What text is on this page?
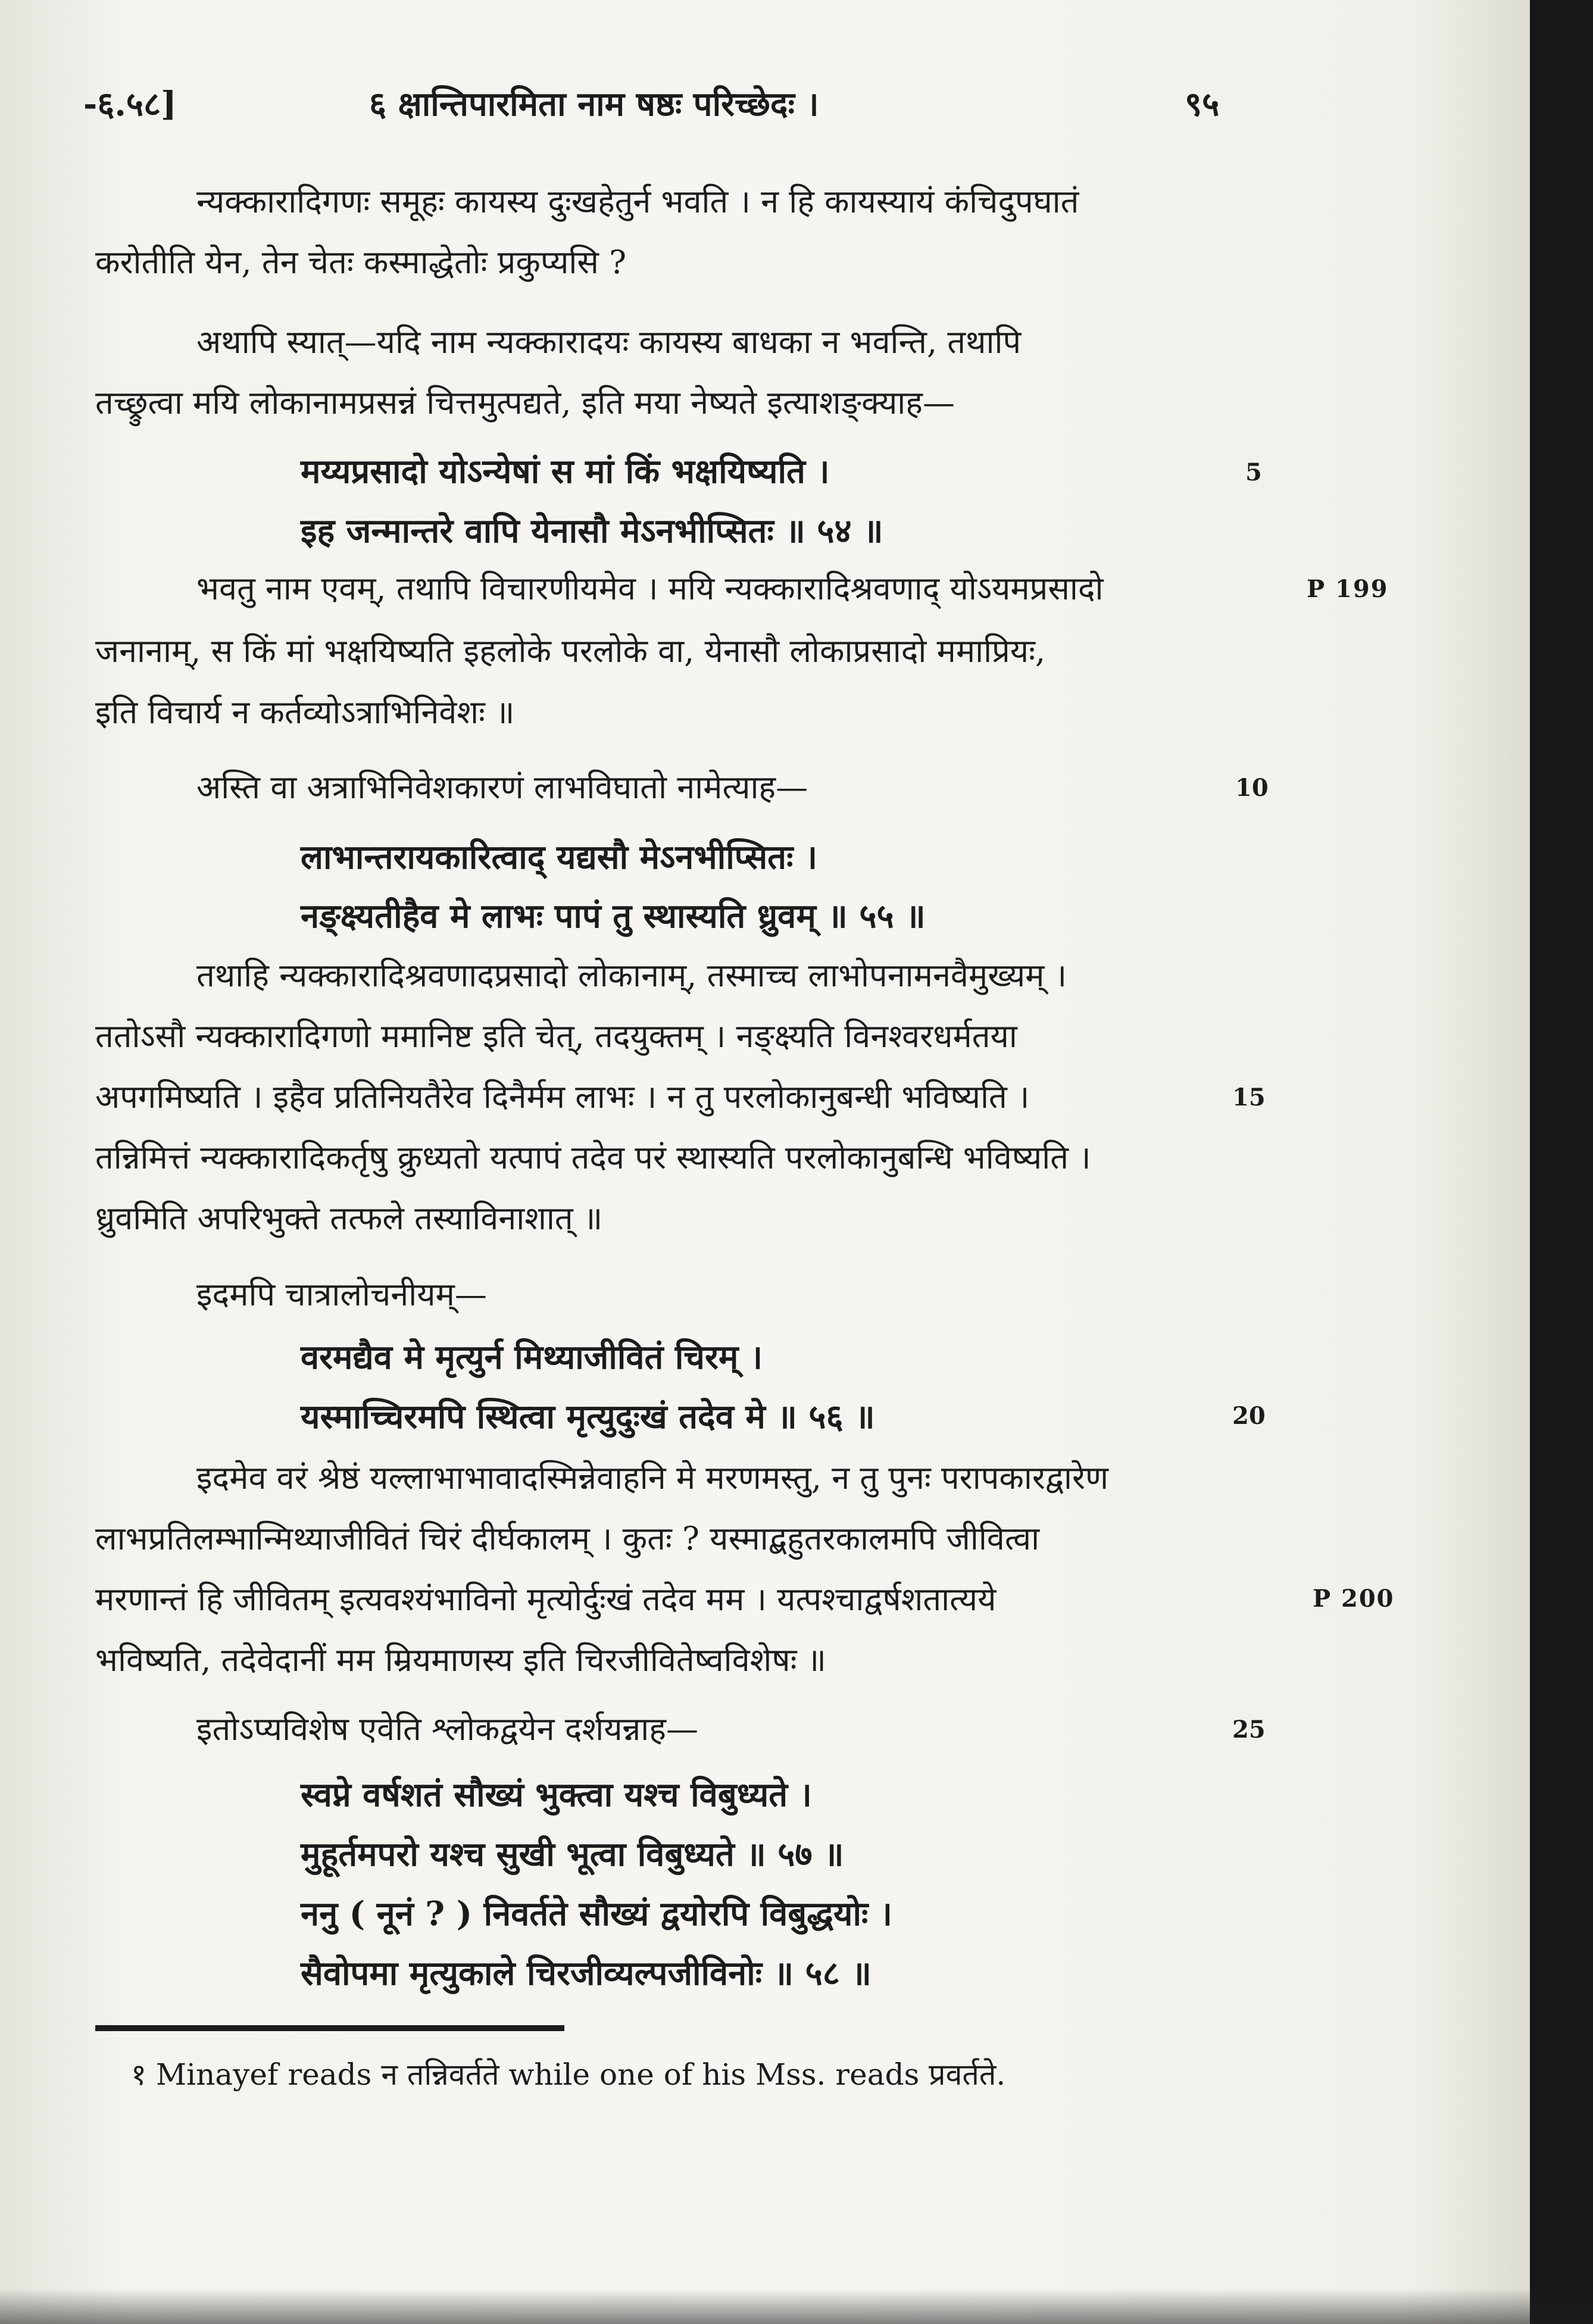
-६.५८]	६ क्षान्तिपारमिता नाम षष्ठः परिच्छेदः ।	९५

न्यक्कारादिगणः समूहः कायस्य दुःखहेतुर्न भवति । न हि कायस्यायं कंचिदुपघातं

करोतीति येन, तेन चेतः कस्माद्धेतोः प्रकुप्यसि ?

अथापि स्यात्—यदि नाम न्यक्कारादयः कायस्य बाधका न भवन्ति, तथापि

तच्छ्रुत्वा मयि लोकानामप्रसन्नं चित्तमुत्पद्यते, इति मया नेष्यते इत्याशङ्क्याह—

मय्यप्रसादो योऽन्येषां स मां किं भक्षयिष्यति ।

इह जन्मान्तरे वापि येनासौ मेऽनभीप्सितः ॥ ५४ ॥

भवतु नाम एवम्, तथापि विचारणीयमेव । मयि न्यक्कारादिश्रवणाद् योऽयमप्रसादो

जनानाम्, स किं मां भक्षयिष्यति इहलोके परलोके वा, येनासौ लोकाप्रसादो ममाप्रियः,

इति विचार्य न कर्तव्योऽत्राभिनिवेशः ॥

अस्ति वा अत्राभिनिवेशकारणं लाभविघातो नामेत्याह—

लाभान्तरायकारित्वाद् यद्यसौ मेऽनभीप्सितः ।

नङ्क्ष्यतीहैव मे लाभः पापं तु स्थास्यति ध्रुवम् ॥ ५५ ॥

तथाहि न्यक्कारादिश्रवणादप्रसादो लोकानाम्, तस्माच्च लाभोपनामनवैमुख्यम् ।

ततोऽसौ न्यक्कारादिगणो ममानिष्ट इति चेत्, तदयुक्तम् । नङ्क्ष्यति विनश्वरधर्मतया

अपगमिष्यति । इहैव प्रतिनियतैरेव दिनैर्मम लाभः । न तु परलोकानुबन्धी भविष्यति ।

तन्निमित्तं न्यक्कारादिकर्तृषु क्रुध्यतो यत्पापं तदेव परं स्थास्यति परलोकानुबन्धि भविष्यति ।

ध्रुवमिति अपरिभुक्ते तत्फले तस्याविनाशात् ॥

इदमपि चात्रालोचनीयम्—

वरमद्यैव मे मृत्युर्न मिथ्याजीवितं चिरम् ।

यस्माच्चिरमपि स्थित्वा मृत्युदुःखं तदेव मे ॥ ५६ ॥

इदमेव वरं श्रेष्ठं यल्लाभाभावादस्मिन्नेवाहनि मे मरणमस्तु, न तु पुनः परापकारद्वारेण

लाभप्रतिलम्भान्मिथ्याजीवितं चिरं दीर्घकालम् । कुतः ? यस्माद्बहुतरकालमपि जीवित्वा

मरणान्तं हि जीवितम् इत्यवश्यंभाविनो मृत्योर्दुःखं तदेव मम । यत्पश्चाद्वर्षशतात्यये

भविष्यति, तदेवेदानीं मम म्रियमाणस्य इति चिरजीवितेष्वविशेषः ॥

इतोऽप्यविशेष एवेति श्लोकद्वयेन दर्शयन्नाह—

स्वप्ने वर्षशतं सौख्यं भुक्त्वा यश्च विबुध्यते ।

मुहूर्तमपरो यश्च सुखी भूत्वा विबुध्यते ॥ ५७ ॥

ननु ( नूनं ? ) निवर्तते सौख्यं द्वयोरपि विबुद्धयोः ।

सैवोपमा मृत्युकाले चिरजीव्यल्पजीविनोः ॥ ५८ ॥

5
10
15
20
25
P 199
P 200

१ Minayef reads न तन्निवर्तते while one of his Mss. reads प्रवर्तते.
